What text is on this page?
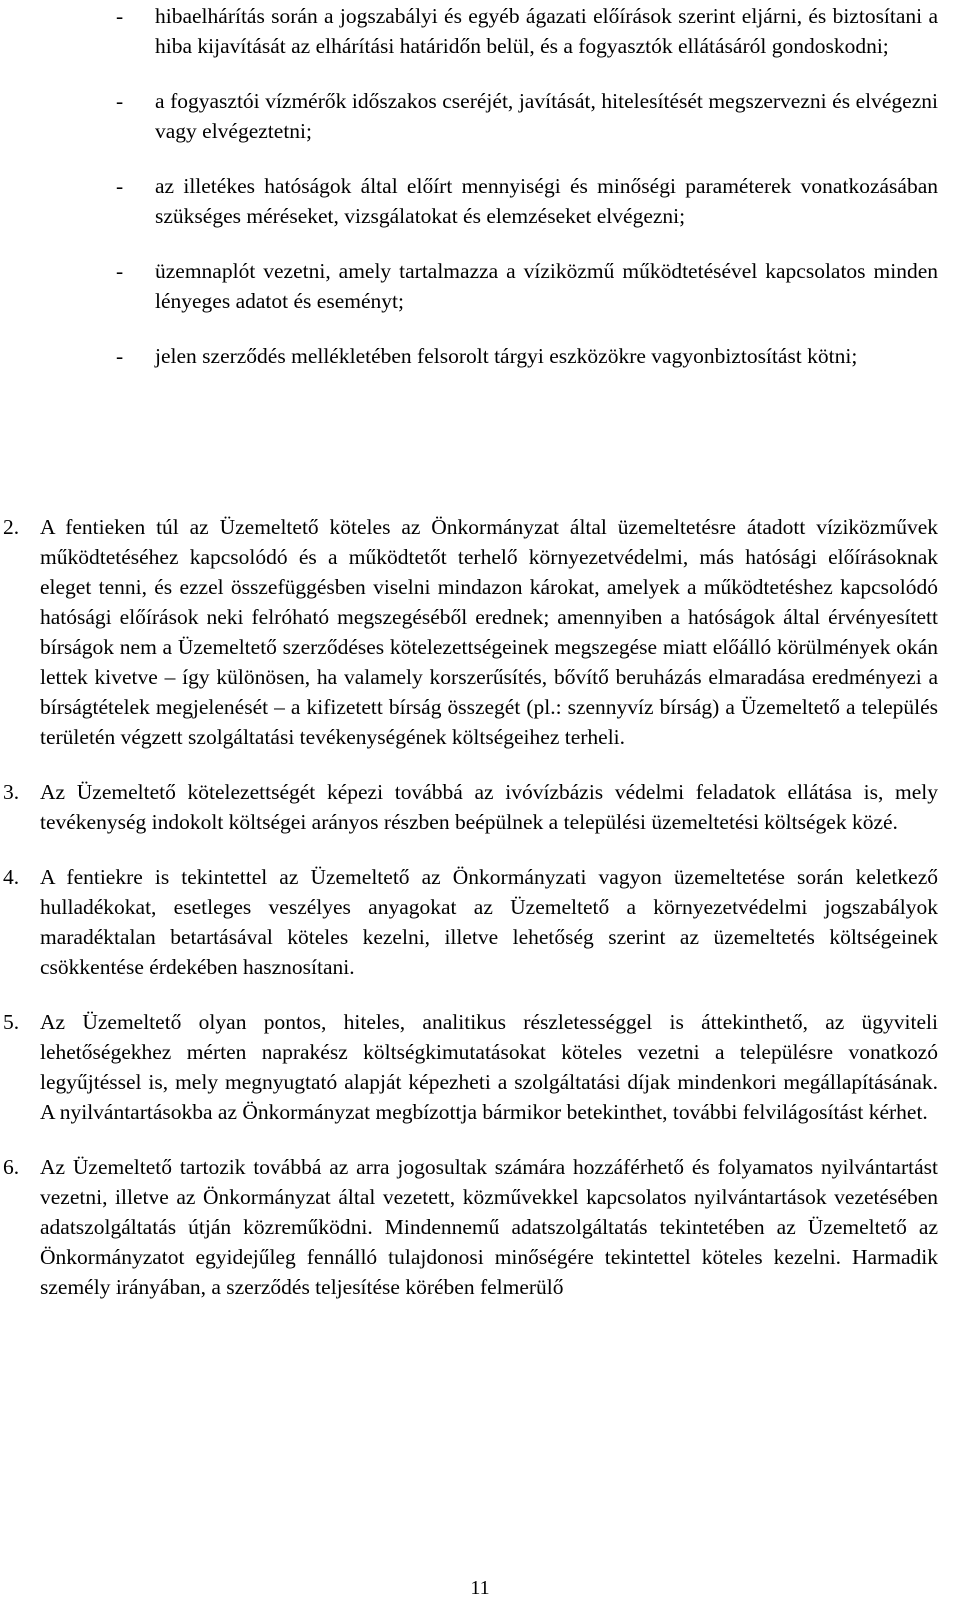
- hibaelhárítás során a jogszabályi és egyéb ágazati előírások szerint eljárni, és biztosítani a hiba kijavítását az elhárítási határidőn belül, és a fogyasztók ellátásáról gondoskodni;
- a fogyasztói vízmérők időszakos cseréjét, javítását, hitelesítését megszervezni és elvégezni vagy elvégeztetni;
- az illetékes hatóságok által előírt mennyiségi és minőségi paraméterek vonatkozásában szükséges méréseket, vizsgálatokat és elemzéseket elvégezni;
- üzemnaplót vezetni, amely tartalmazza a víziközmű működtetésével kapcsolatos minden lényeges adatot és eseményt;
- jelen szerződés mellékletében felsorolt tárgyi eszközökre vagyonbiztosítást kötni;
2. A fentieken túl az Üzemeltető köteles az Önkormányzat által üzemeltetésre átadott víziközművek működtetéséhez kapcsolódó és a működtetőt terhelő környezetvédelmi, más hatósági előírásoknak eleget tenni, és ezzel összefüggésben viselni mindazon károkat, amelyek a működtetéshez kapcsolódó hatósági előírások neki felróható megszegéséből erednek; amennyiben a hatóságok által érvényesített bírságok nem a Üzemeltető szerződéses kötelezettségeinek megszegése miatt előálló körülmények okán lettek kivetve – így különösen, ha valamely korszerűsítés, bővítő beruházás elmaradása eredményezi a bírságtételek megjelenését – a kifizetett bírság összegét (pl.: szennyvíz bírság) a Üzemeltető a település területén végzett szolgáltatási tevékenységének költségeihez terheli.
3. Az Üzemeltető kötelezettségét képezi továbbá az ivóvízbázis védelmi feladatok ellátása is, mely tevékenység indokolt költségei arányos részben beépülnek a települési üzemeltetési költségek közé.
4. A fentiekre is tekintettel az Üzemeltető az Önkormányzati vagyon üzemeltetése során keletkező hulladékokat, esetleges veszélyes anyagokat az Üzemeltető a környezetvédelmi jogszabályok maradéktalan betartásával köteles kezelni, illetve lehetőség szerint az üzemeltetés költségeinek csökkentése érdekében hasznosítani.
5. Az Üzemeltető olyan pontos, hiteles, analitikus részletességgel is áttekinthető, az ügyviteli lehetőségekhez mérten naprakész költségkimutatásokat köteles vezetni a településre vonatkozó legyűjtéssel is, mely megnyugtató alapját képezheti a szolgáltatási díjak mindenkori megállapításának. A nyilvántartásokba az Önkormányzat megbízottja bármikor betekinthet, további felvilágosítást kérhet.
6. Az Üzemeltető tartozik továbbá az arra jogosultak számára hozzáférhető és folyamatos nyilvántartást vezetni, illetve az Önkormányzat által vezetett, közművekkel kapcsolatos nyilvántartások vezetésében adatszolgáltatás útján közreműködni. Mindennemű adatszolgáltatás tekintetében az Üzemeltető az Önkormányzatot egyidejűleg fennálló tulajdonosi minőségére tekintettel köteles kezelni. Harmadik személy irányában, a szerződés teljesítése körében felmerülő
11
